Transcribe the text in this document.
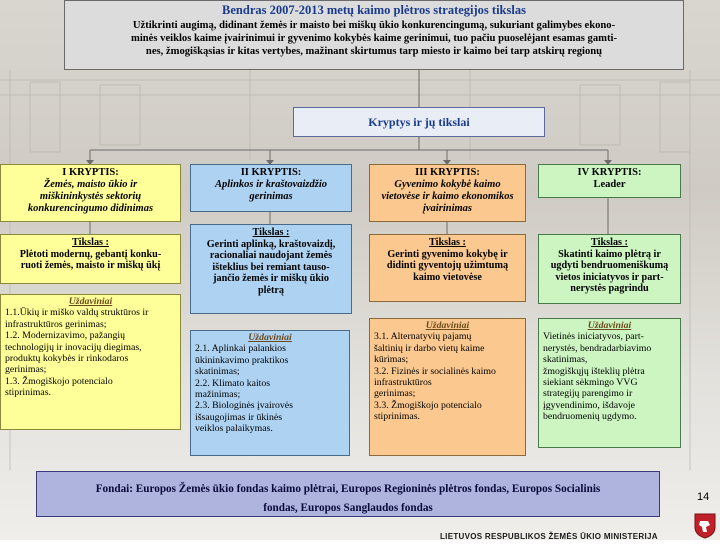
Bendras 2007-2013 metų kaimo plėtros strategijos tikslas
Užtikrinti augimą, didinant žemės ir maisto bei miškų ūkio konkurencingumą, sukuriant galimybes ekono-
minės veiklos kaime įvairinimui ir gyvenimo kokybės kaime gerinimui, tuo pačiu puoselėjant esamas gamti-
nes, žmogiškąsias ir kitas vertybes, mažinant skirtumus tarp miesto ir kaimo bei tarp atskirų regionų
Kryptys ir jų tikslai
I KRYPTIS:
Žemės, maisto ūkio ir
miškininkystės sektorių
konkurencingumo didinimas
Tikslas :
Plėtoti modernų, gebantį konku-
ruoti žemės, maisto ir miškų ūkį
Uždaviniai
1.1.Ūkių ir miško valdų struktūros ir
infrastruktūros gerinimas;
1.2. Modernizavimo, pažangių
technologijų ir inovacijų diegimas,
produktų kokybės ir rinkodaros
gerinimas;
1.3. Žmogiškojo potencialo
stiprinimas.
II KRYPTIS:
Aplinkos ir kraštovaizdžio
gerinimas
Tikslas :
Gerinti aplinką, kraštovaizdį,
racionaliai naudojant žemės
išteklius bei remiant tauso-
jančio žemės ir miškų ūkio
plėtrą
Uždaviniai
2.1. Aplinkai palankios
ūkininkavimo praktikos
skatinimas;
2.2. Klimato kaitos
mažinimas;
2.3. Biologinės įvairovės
išsaugojimas ir ūkinės
veiklos palaikymas.
III KRYPTIS:
Gyvenimo kokybė kaimo
vietovėse ir kaimo ekonomikos
įvairinimas
Tikslas :
Gerinti gyvenimo kokybę ir
didinti gyventojų užimtumą
kaimo vietovėse
Uždaviniai
3.1. Alternatyvių pajamų
šaltinių ir darbo vietų kaime
kūrimas;
3.2. Fizinės ir socialinės kaimo
infrastruktūros
gerinimas;
3.3. Žmogiškojo potencialo
stiprinimas.
IV KRYPTIS:
Leader
Tikslas :
Skatinti kaimo plėtrą ir
ugdyti bendruomeniškumą
vietos iniciatyvos ir part-
nerystės pagrindu
Uždaviniai
Vietinės iniciatyvos, part-
nerystės, bendradarbiavimo
skatinimas,
žmogiškųjų išteklių plėtra
siekiant sėkmingo VVG
strategijų parengimo ir
įgyvendinimo, išdavoje
bendruomenių ugdymo.
Fondai: Europos Žemės ūkio fondas kaimo plėtrai, Europos Regioninės plėtros fondas, Europos Socialinis
fondas, Europos Sanglaudos fondas
14
LIETUVOS RESPUBLIKOS ŽEMĖS ŪKIO MINISTERIJA
